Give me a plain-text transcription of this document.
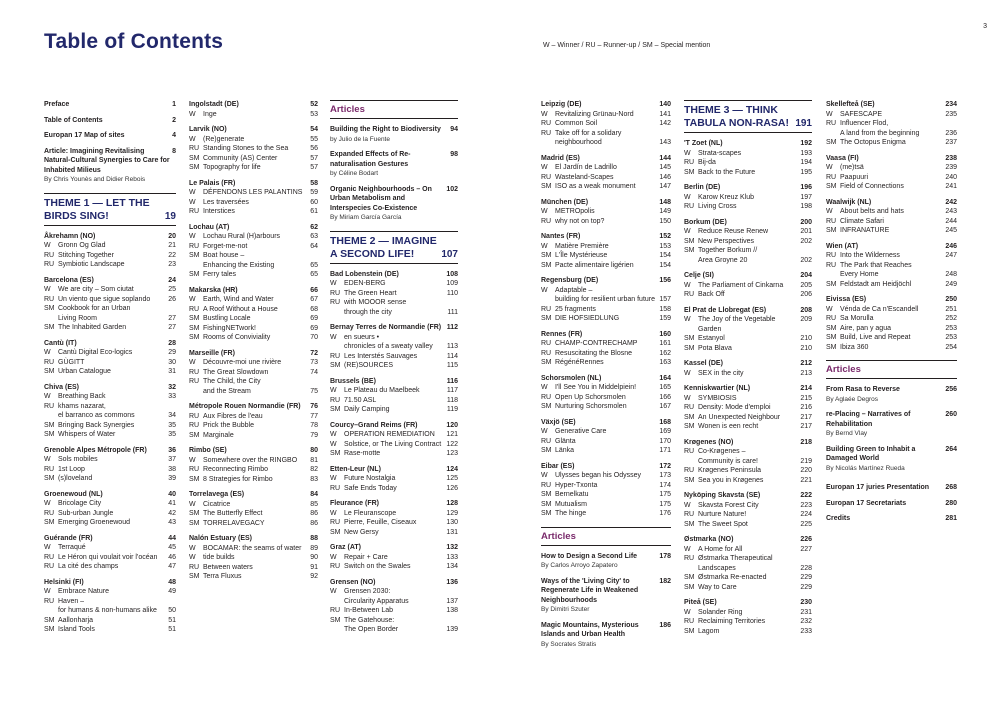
3
Table of Contents	W – Winner / RU – Runner-up / SM – Special mention
Preface	1
Table of Contents	2
Europan 17 Map of sites	4
Article: Imagining Revitalising Natural-Cultural Synergies to Care for Inhabited Milieus
8
By Chris Younès and Didier Rebois
THEME 1 — LET THE BIRDS SING!	19
Åkrehamn (NO)	20
W	Gronn Og Glad	21
RU Stitching Together	22
RU Symbiotic Landscape	23
Barcelona (ES)	24
W	We are city – Som ciutat	25
RU Un viento que sigue soplando	26
SM Cookbook for an Urban
Living Room	27
SM The Inhabited Garden	27
Cantù (IT)	28
W	Cantù Digital Eco-logics	29
RU GÙGITT	30
SM Urban Catalogue	31
Chiva (ES)	32
W	Breathing Back	33
RU khams nazarat,
el barranco as commons	34
SM Bringing Back Synergies	35
SM Whispers of Water	35
Grenoble Alpes Métropole (FR)	36
W	Sols mobiles	37
RU 1st Loop	38
SM (s)loveland	39
Groenewoud (NL)	40
W	Bricolage City	41
RU Sub-urban Jungle	42
SM Emerging Groenewoud	43
Guérande (FR)	44
W	Terraqué	45
RU Le Héron qui voulait voir l'océan	46
RU La cité des champs	47
Helsinki (FI)	48
W	Embrace Nature	49
RU Haven –
for humans & non-humans alike	50
SM Aallonharja	51
SM Island Tools	51
Ingolstadt (DE)	52
W	Inge	53
Larvik (NO)	54
W	(Re)generate	55
RU Standing Stones to the Sea	56
SM Community (AS) Center	57
SM Topography for life	57
Le Palais (FR)	58
W	DÉFENDONS LES PALANTINS	59
W	Les traversées	60
RU Interstices	61
Lochau (AT)	62
W	Lochau Rural (H)arbours	63
RU Forget-me-not	64
SM Boat house –
Enhancing the Existing	65
SM Ferry tales	65
Makarska (HR)	66
W	Earth, Wind and Water	67
RU A Roof Without a House	68
SM Bustling Locale	69
SM FishingNETwork!	69
SM Rooms of Conviviality	70
Marseille (FR)	72
W	Découvre-moi une rivière	73
RU The Great Slowdown	74
RU The Child, the City
and the Stream	75
Métropole Rouen Normandie (FR)	76
RU Aux Fibres de l'eau	77
RU Prick the Bubble	78
SM Marginale	79
Rimbo (SE)	80
W	Somewhere over the RINGBO	81
RU Reconnecting Rimbo	82
SM 8 Strategies for Rimbo	83
Torrelavega (ES)	84
W	Cicatrice	85
SM The Butterfly Effect	86
SM TORRELAVEGACY	86
Nalón Estuary (ES)	88
W	BOCAMAR: the seams of water	89
W	tide builds	90
RU Between waters	91
SM Terra Fluxus	92
Articles
Building the Right to Biodiversity	94
by Julio de la Fuente
Expanded Effects of Re-naturalisation Gestures
98
by Céline Bodart
Organic Neighbourhoods – On Urban Metabolism and Interspecies Co-Existence
102
By Miriam García García
THEME 2 — IMAGINE A SECOND LIFE!	107
Bad Lobenstein (DE)	108
W	EDEN-BERG	109
RU The Green Heart	110
RU with MOOOR sense
through the city	111
Bernay Terres de Normandie (FR) 112
W	en sueurs •
chronicles of a sweaty valley	113
RU Les Interstés Sauvages	114
SM (RE)SOURCES	115
Brussels (BE)	116
W	Le Plateau du Maelbeek	117
RU 71.50 ASL	118
SM Daily Camping	119
Courcy–Grand Reims (FR)	120
W	OPERATION REMEDIATION	121
W	Solstice, or The Living Contract 122
SM Rase-motte	123
Etten-Leur (NL)	124
W	Future Nostalgia	125
RU Safe Ends Today	126
Fleurance (FR)	128
W	Le Fleuranscope	129
RU Pierre, Feuille, Ciseaux	130
SM New Gersy	131
Graz (AT)	132
W	Repair + Care	133
RU Switch on the Swales	134
Grensen (NO)	136
W	Grensen 2030:
Circularity Apparatus	137
RU In-Between Lab	138
SM The Gatehouse:
The Open Border	139
Leipzig (DE)	140
W	Revitalizing Grünau-Nord	141
RU Common Soil	142
RU Take off for a solidary
neighbourhood	143
Madrid (ES)	144
W	El Jardín de Ladrillo	145
RU Wasteland-Scapes	146
SM ISO as a weak monument	147
München (DE)	148
W	METROpolis	149
RU why not on top?	150
Nantes (FR)	152
W	Matière Première	153
SM L'Île Mystérieuse	154
SM Pacte alimentaire ligérien	154
Regensburg (DE)	156
W	Adaptable –
building for resilient urban future 157
RU 25 fragments	158
SM DIE HOFSIEDLUNG	159
Rennes (FR)	160
RU CHAMP-CONTRECHAMP	161
RU Resuscitating the Blosne	162
SM RégénéRennes	163
Schorsmolen (NL)	164
W	I'll See You in Middelpiein!	165
RU Open Up Schorsmolen	166
SM Nurturing Schorsmolen	167
Växjö (SE)	168
W	Generative Care	169
RU Glänta	170
SM Länka	171
Eibar (ES)	172
W	Ulysses began his Odyssey	173
RU Hyper-Txonta	174
SM Bernelkatu	175
SM Mutualism	175
SM The hinge	176
Articles
How to Design a Second Life	178
By Carlos Arroyo Zapatero
Ways of the 'Living City' to Regenerate Life in Weakened Neighbourhoods
182
By Dimitri Szuter
Magic Mountains, Mysterious Islands and Urban Health
186
By Socrates Stratis
THEME 3 — THINK TABULA NON-RASA! 191
'T Zoet (NL)	192
W	Strata-scapes	193
RU Bij-da	194
SM Back to the Future	195
Berlin (DE)	196
W	Karow Kreuz Klub	197
RU Living Cross	198
Borkum (DE)	200
W	Reduce Reuse Renew	201
SM New Perspectives	202
SM Together Borkum //
Area Groyne 20	202
Celje (SI)	204
W	The Parliament of Cinkarna	205
RU Back Off	206
El Prat de Llobregat (ES)	208
W	The Joy of the Vegetable Garden
209
SM Estanyol	210
SM Pota Blava	210
Kassel (DE)	212
W	SEX in the city	213
Kenniskwartier (NL)	214
W	SYMBIOSIS	215
RU Density: Mode d'emploi	216
SM An Unexpected Neighbour	217
SM Wonen is een recht	217
Krøgenes (NO)	218
RU Co-Krøgenes –
Community is care!	219
RU Krøgenes Peninsula	220
SM Sea you in Krøgenes	221
Nyköping Skavsta (SE)	222
W	Skavsta Forest City	223
RU Nurture Nature!	224
SM The Sweet Spot	225
Østmarka (NO)	226
W	A Home for All	227
RU Østmarka Therapeutical
Landscapes	228
SM Østmarka Re-enacted	229
SM Way to Care	229
Piteå (SE)	230
W	Solander Ring	231
RU Reclaiming Territories	232
SM Lagom	233
Skellefteå (SE)	234
W	SAFESCAPE	235
RU Influencer Flod,
A land from the beginning	236
SM The Octopus Enigma	237
Vaasa (FI)	238
W	(me)tsä	239
RU Paapuuri	240
SM Field of Connections	241
Waalwijk (NL)	242
W	About belts and hats	243
RU Climate Safari	244
SM INFRANATURE	245
Wien (AT)	246
RU Into the Wilderness	247
RU The Park that Reaches
Every Home	248
SM Feldstadt am Heidjöchl	249
Eivissa (ES)	250
W	Vénda de Ca n'Escandell	251
RU Sa Morulla	252
SM Aire, pan y agua	253
SM Build, Live and Repeat	253
SM Ibiza 360	254
Articles
From Rasa to Reverse	256
By Aglaée Degros
re-Placing – Narratives of Rehabilitation
260
By Bernd Vlay
Building Green to Inhabit a Damaged World
264
By Nicolás Martínez Rueda
Europan 17 juries Presentation	268
Europan 17 Secretariats	280
Credits	281
